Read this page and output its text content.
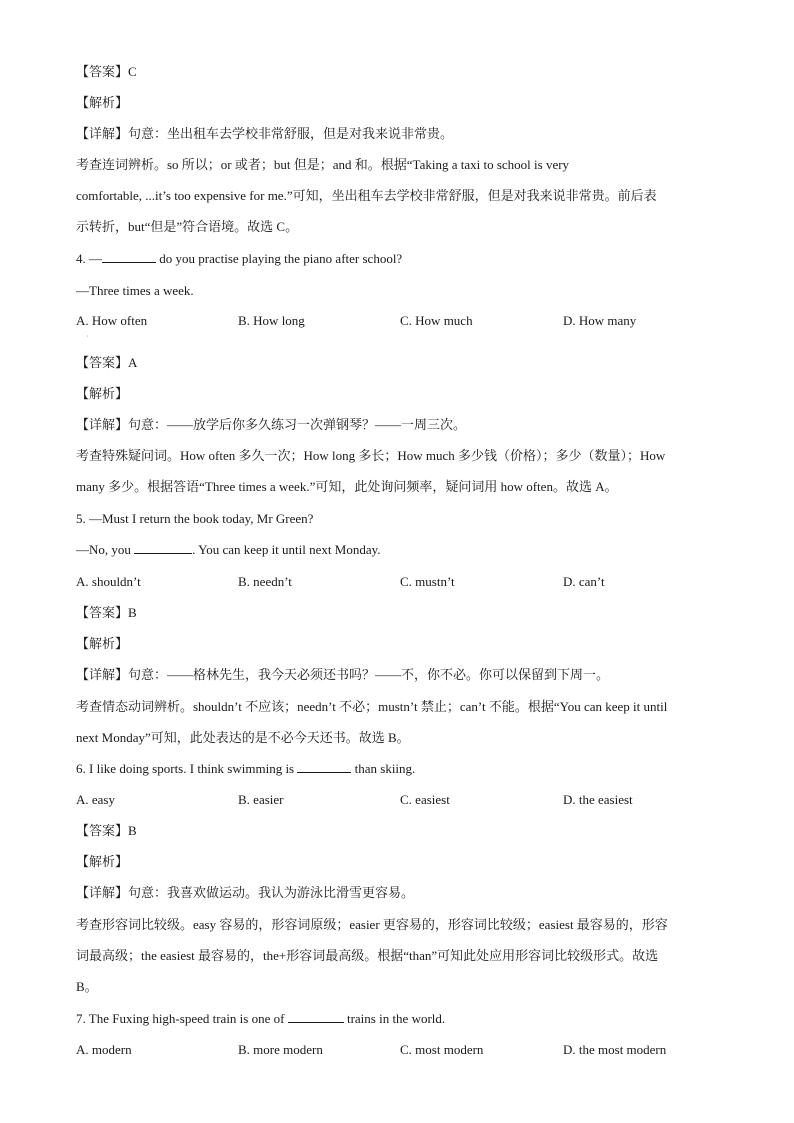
【答案】C
【解析】
【详解】句意：坐出租车去学校非常舒服，但是对我来说非常贵。
考查连词辨析。so 所以；or 或者；but 但是；and 和。根据“Taking a taxi to school is very
comfortable, ...it’s too expensive for me.”可知，坐出租车去学校非常舒服，但是对我来说非常贵。前后表
示转折，but“但是”符合语境。故选 C。
4. —	do you practise playing the piano after school?
—Three times a week.
A. How often	B. How long	C. How much	D. How many
·
【答案】A
【解析】
【详解】句意：——放学后你多久练习一次弹钢琴？——一周三次。
考查特殊疑问词。How often 多久一次；How long 多长；How much 多少钱（价格）；多少（数量）；How
many 多少。根据答语“Three times a week.”可知，此处询问频率，疑问词用 how often。故选 A。
5. —Must I return the book today, Mr Green?
—No, you	. You can keep it until next Monday.
A. shouldn’t	B. needn’t	C. mustn’t	D. can’t
【答案】B
【解析】
【详解】句意：——格林先生，我今天必须还书吗？——不，你不必。你可以保留到下周一。
考查情态动词辨析。shouldn’t 不应该；needn’t 不必；mustn’t 禁止；can’t 不能。根据“You can keep it until
next Monday”可知，此处表达的是不必今天还书。故选 B。
6. I like doing sports. I think swimming is	than skiing.
A. easy	B. easier	C. easiest	D. the easiest
【答案】B
【解析】
【详解】句意：我喜欢做运动。我认为游泳比滑雪更容易。
考查形容词比较级。easy 容易的，形容词原级；easier 更容易的，形容词比较级；easiest 最容易的，形容
词最高级；the easiest 最容易的，the+形容词最高级。根据“than”可知此处应用形容词比较级形式。故选
B。
7. The Fuxing high-speed train is one of	trains in the world.
A. modern	B. more modern	C. most modern	D. the most modern
